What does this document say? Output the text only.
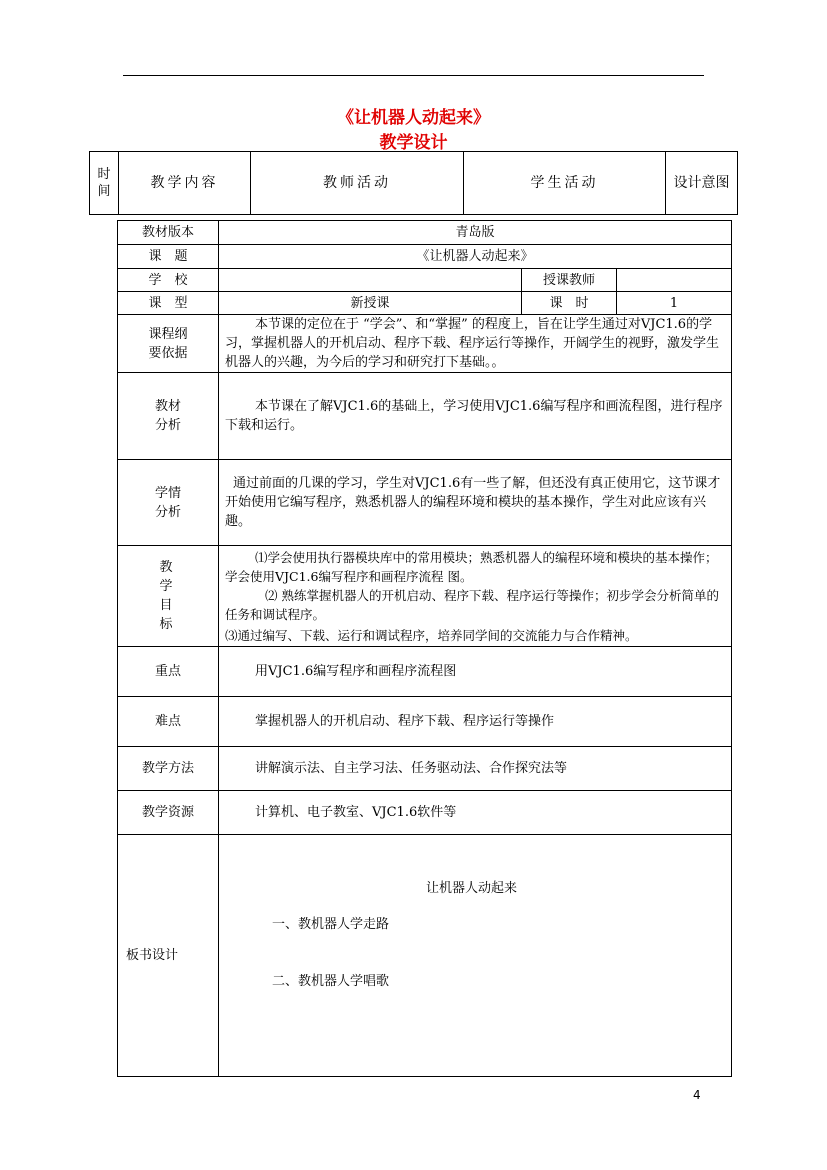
《让机器人动起来》
教学设计
时间	教学内容	教师活动	学生活动	设计意图
教材版本	青岛版		
课　题	《让机器人动起来》		
学　校		授课教师	
课　型	新授课	课　时	1
课程纲要依据	本节课的定位在于 “学会”、和“掌握” 的程度上，旨在让学生通过对VJC1.6的学习，掌握机器人的开机启动、程序下载、程序运行等操作，开阔学生的视野，激发学生机器人的兴趣，为今后的学习和研究打下基础。。		
教材分析	本节课在了解VJC1.6的基础上，学习使用VJC1.6编写程序和画流程图，进行程序下载和运行。		
学情分析	通过前面的几课的学习，学生对VJC1.6有一些了解，但还没有真正使用它，这节课才开始使用它编写程序，熟悉机器人的编程环境和模块的基本操作，学生对此应该有兴趣。		
教学目标	⑴学会使用执行器模块库中的常用模块；熟悉机器人的编程环境和模块的基本操作；学会使用VJC1.6编写程序和画程序流程 图。
⑵ 熟练掌握机器人的开机启动、程序下载、程序运行等操作；初步学会分析简单的任务和调试程序。
⑶通过编写、下载、运行和调试程序，培养同学间的交流能力与合作精神。		

重点	用VJC1.6编写程序和画程序流程图		
难点	掌握机器人的开机启动、程序下载、程序运行等操作		
教学方法	讲解演示法、自主学习法、任务驱动法、合作探究法等		
教学资源	计算机、电子教室、VJC1.6软件等		
板书设计	让机器人动起来
一、教机器人学走路
二、教机器人学唱歌		
4
